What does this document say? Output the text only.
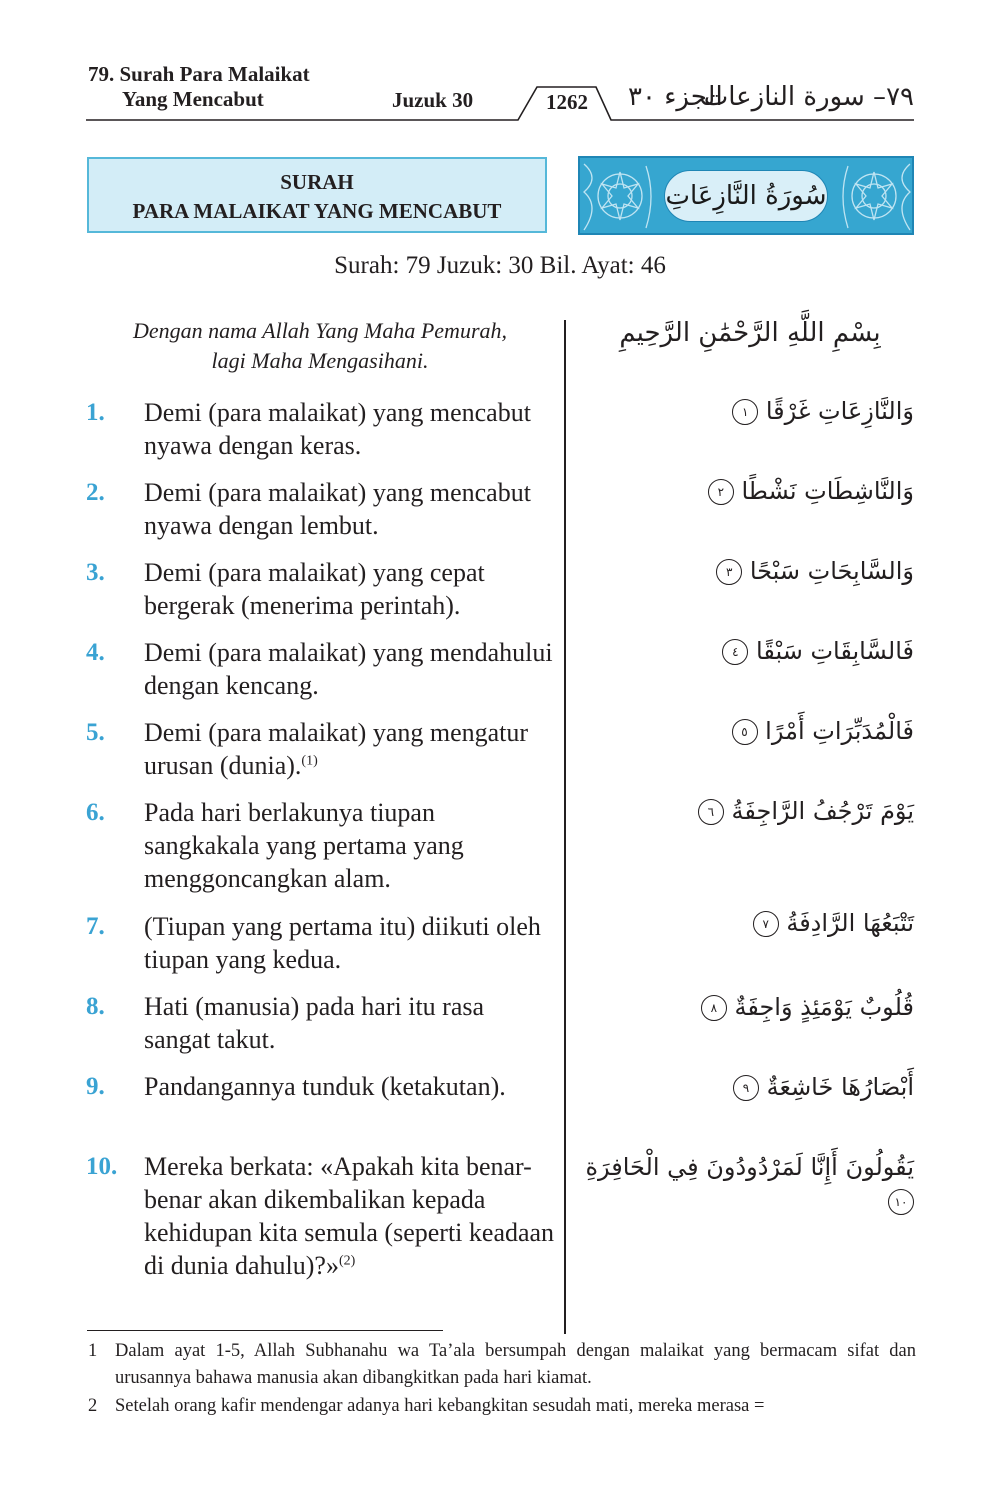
79. Surah Para Malaikat
Yang Mencabut	Juzuk 30	1262	الجزء ٣٠
٧٩– سورة النازعات
SURAH
PARA MALAIKAT YANG MENCABUT	سُورَةُ النَّازِعَاتِ
Surah: 79 Juzuk: 30 Bil. Ayat: 46
Dengan nama Allah Yang Maha Pemurah,
lagi Maha Mengasihani.
بِسْمِ اللَّهِ الرَّحْمَٰنِ الرَّحِيمِ
1. Demi (para malaikat) yang mencabut nyawa dengan keras.
2. Demi (para malaikat) yang mencabut nyawa dengan lembut.
3. Demi (para malaikat) yang cepat bergerak (menerima perintah).
4. Demi (para malaikat) yang mendahului dengan kencang.
5. Demi (para malaikat) yang mengatur urusan (dunia).$^{(1)}$
6. Pada hari berlakunya tiupan sangkakala yang pertama yang menggoncangkan alam.
7. (Tiupan yang pertama itu) diikuti oleh tiupan yang kedua.
8. Hati (manusia) pada hari itu rasa sangat takut.
9. Pandangannya tunduk (ketakutan).
10. Mereka berkata: «Apakah kita benar-benar akan dikembalikan kepada kehidupan kita semula (seperti keadaan di dunia dahulu)?»$^{(2)}$
وَالنَّازِعَاتِ غَرْقًا ١
وَالنَّاشِطَاتِ نَشْطًا ٢
وَالسَّابِحَاتِ سَبْحًا ٣
فَالسَّابِقَاتِ سَبْقًا ٤
فَالْمُدَبِّرَاتِ أَمْرًا ٥
يَوْمَ تَرْجُفُ الرَّاجِفَةُ ٦
تَتْبَعُهَا الرَّادِفَةُ ٧
قُلُوبٌ يَوْمَئِذٍ وَاجِفَةٌ ٨
أَبْصَارُهَا خَاشِعَةٌ ٩
يَقُولُونَ أَإِنَّا لَمَرْدُودُونَ فِي الْحَافِرَةِ ١٠
1 Dalam ayat 1-5, Allah Subhanahu wa Ta’ala bersumpah dengan malaikat yang bermacam sifat dan urusannya bahawa manusia akan dibangkitkan pada hari kiamat.
2 Setelah orang kafir mendengar adanya hari kebangkitan sesudah mati, mereka merasa =
